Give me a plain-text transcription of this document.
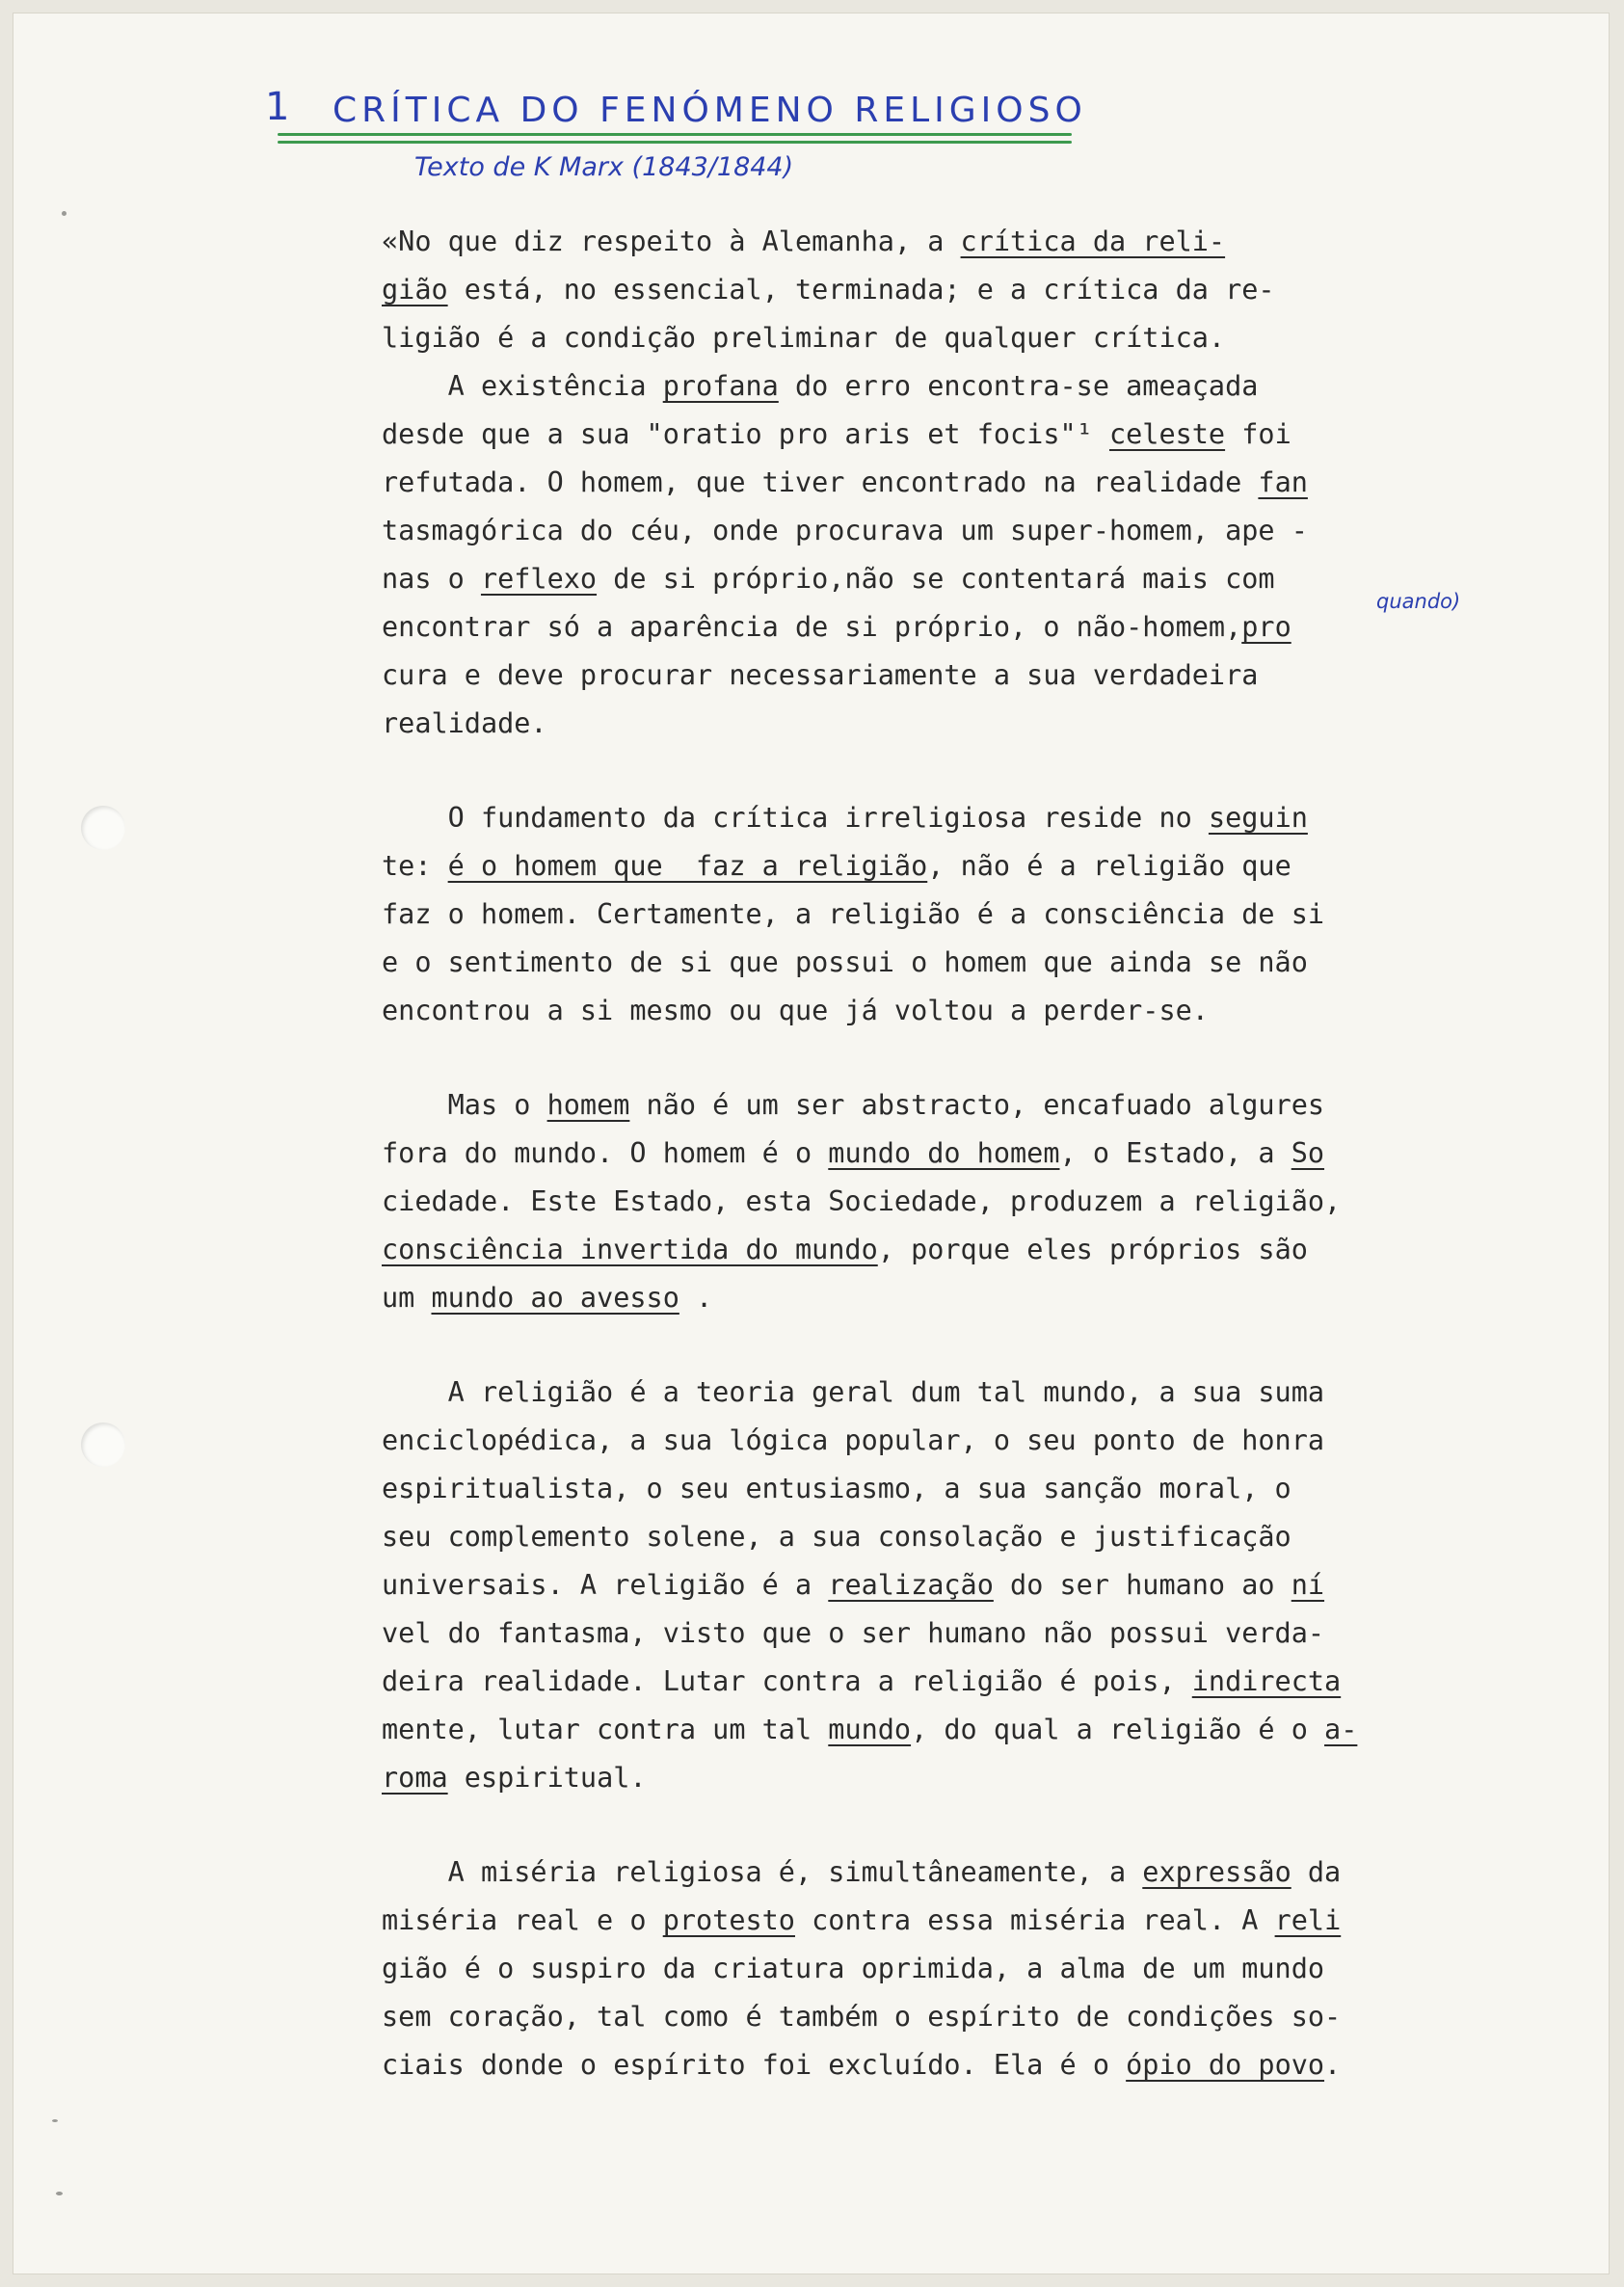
1 CRÍTICA DO FENÓMENO RELIGIOSO
Texto de K Marx (1843/1844)
quando)
«No que diz respeito à Alemanha, a crítica da reli-
gião está, no essencial, terminada; e a crítica da re-
ligião é a condição preliminar de qualquer crítica.
A existência profana do erro encontra-se ameaçada
desde que a sua "oratio pro aris et focis"¹ celeste foi
refutada. O homem, que tiver encontrado na realidade fan
tasmagórica do céu, onde procurava um super-homem, ape -
nas o reflexo de si próprio,não se contentará mais com
encontrar só a aparência de si próprio, o não-homem,pro
cura e deve procurar necessariamente a sua verdadeira
realidade.
O fundamento da crítica irreligiosa reside no seguin
te: é o homem que  faz a religião, não é a religião que
faz o homem. Certamente, a religião é a consciência de si
e o sentimento de si que possui o homem que ainda se não
encontrou a si mesmo ou que já voltou a perder-se.
Mas o homem não é um ser abstracto, encafuado algures
fora do mundo. O homem é o mundo do homem, o Estado, a So
ciedade. Este Estado, esta Sociedade, produzem a religião,
consciência invertida do mundo, porque eles próprios são
um mundo ao avesso .
A religião é a teoria geral dum tal mundo, a sua suma
enciclopédica, a sua lógica popular, o seu ponto de honra
espiritualista, o seu entusiasmo, a sua sanção moral, o
seu complemento solene, a sua consolação e justificação
universais. A religião é a realização do ser humano ao ní
vel do fantasma, visto que o ser humano não possui verda-
deira realidade. Lutar contra a religião é pois, indirecta
mente, lutar contra um tal mundo, do qual a religião é o a-
roma espiritual.
A miséria religiosa é, simultâneamente, a expressão da
miséria real e o protesto contra essa miséria real. A reli
gião é o suspiro da criatura oprimida, a alma de um mundo
sem coração, tal como é também o espírito de condições so-
ciais donde o espírito foi excluído. Ela é o ópio do povo.
